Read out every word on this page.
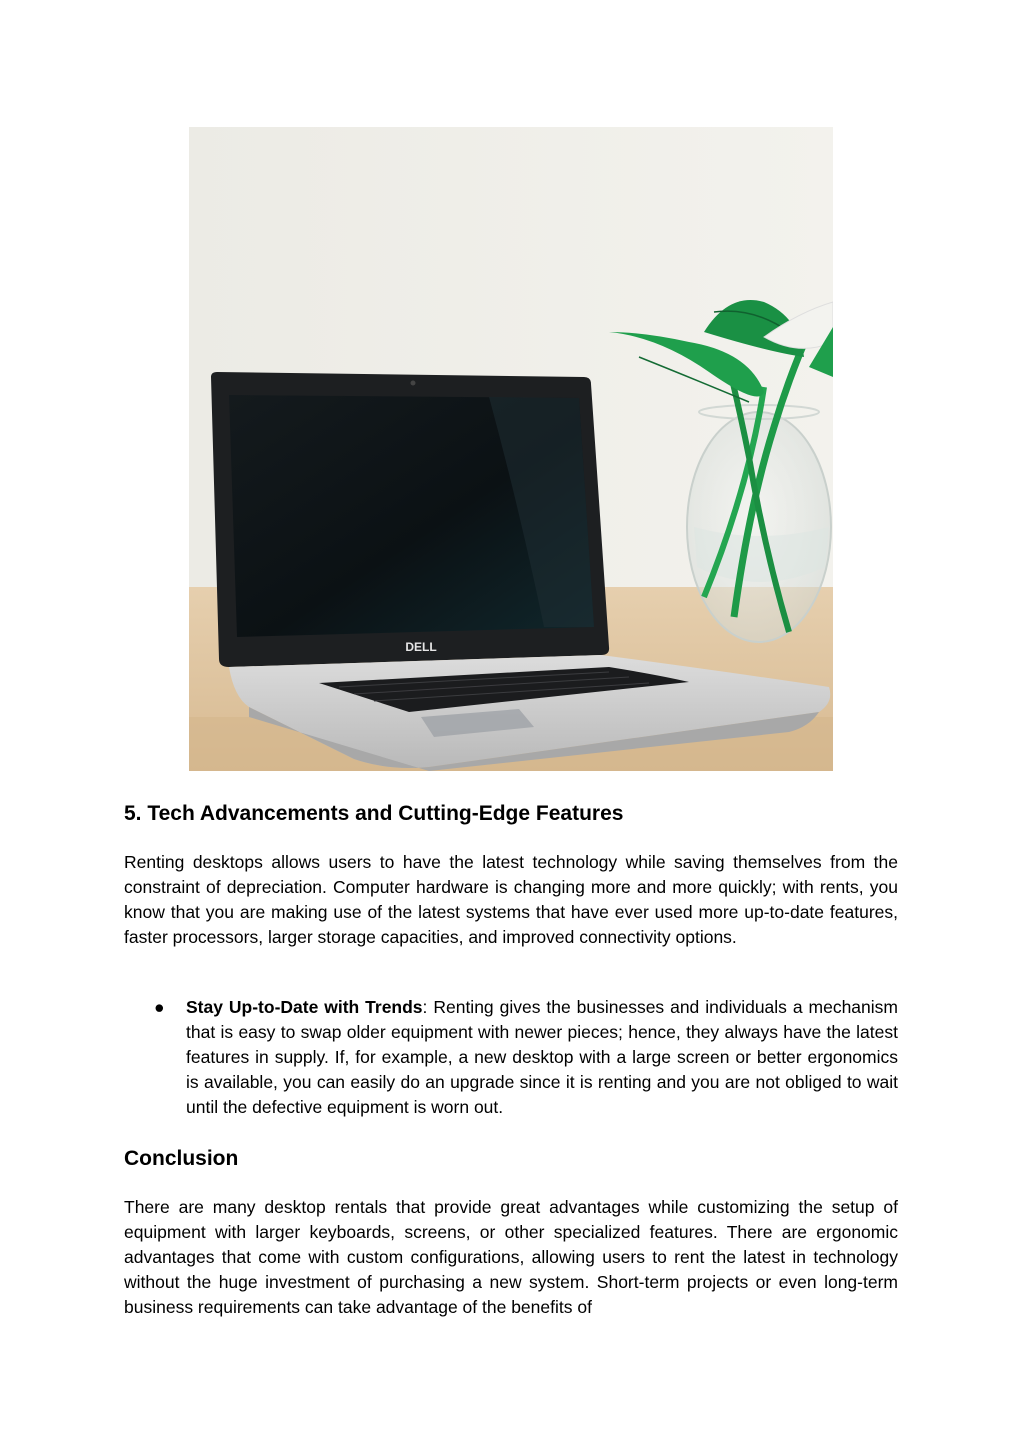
DELL
5. Tech Advancements and Cutting-Edge Features

Renting desktops allows users to have the latest technology while saving themselves from the constraint of depreciation. Computer hardware is changing more and more quickly; with rents, you know that you are making use of the latest systems that have ever used more up-to-date features, faster processors, larger storage capacities, and improved connectivity options.

● Stay Up-to-Date with Trends: Renting gives the businesses and individuals a mechanism that is easy to swap older equipment with newer pieces; hence, they always have the latest features in supply. If, for example, a new desktop with a large screen or better ergonomics is available, you can easily do an upgrade since it is renting and you are not obliged to wait until the defective equipment is worn out.

Conclusion

There are many desktop rentals that provide great advantages while customizing the setup of equipment with larger keyboards, screens, or other specialized features. There are ergonomic advantages that come with custom configurations, allowing users to rent the latest in technology without the huge investment of purchasing a new system. Short-term projects or even long-term business requirements can take advantage of the benefits of
